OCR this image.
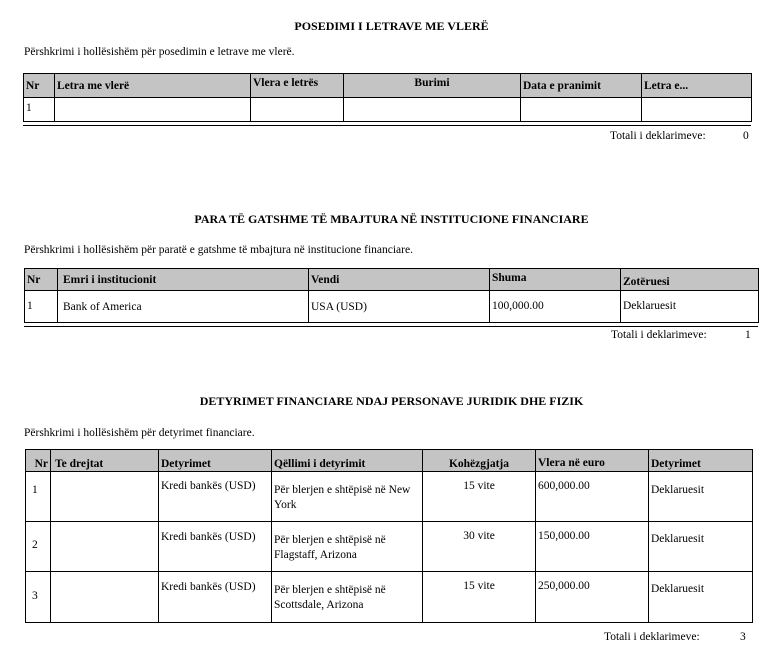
POSEDIMI I LETRAVE ME VLERË
Përshkrimi i hollësishëm për posedimin e letrave me vlerë.
Nr	Letra me vlerë	Vlera e letrës	Burimi	Data e pranimit	Letra e...
1					
Totali i deklarimeve:	0
PARA TË GATSHME TË MBAJTURA NË INSTITUCIONE FINANCIARE
Përshkrimi i hollësishëm për paratë e gatshme të mbajtura në institucione financiare.
Nr	Emri i institucionit	Vendi	Shuma	Zotëruesi
1	Bank of America	USA (USD)	100,000.00	Deklaruesit
Totali i deklarimeve:	1
DETYRIMET FINANCIARE NDAJ PERSONAVE JURIDIK DHE FIZIK
Përshkrimi i hollësishëm për detyrimet financiare.
Nr	Te drejtat	Detyrimet	Qëllimi i detyrimit	Kohëzgjatja	Vlera në euro	Detyrimet
1		Kredi bankës (USD)	Për blerjen e shtëpisë në New York	15 vite	600,000.00	Deklaruesit
2		Kredi bankës (USD)	Për blerjen e shtëpisë në Flagstaff, Arizona	30 vite	150,000.00	Deklaruesit
3		Kredi bankës (USD)	Për blerjen e shtëpisë në Scottsdale, Arizona	15 vite	250,000.00	Deklaruesit
Totali i deklarimeve:	3
